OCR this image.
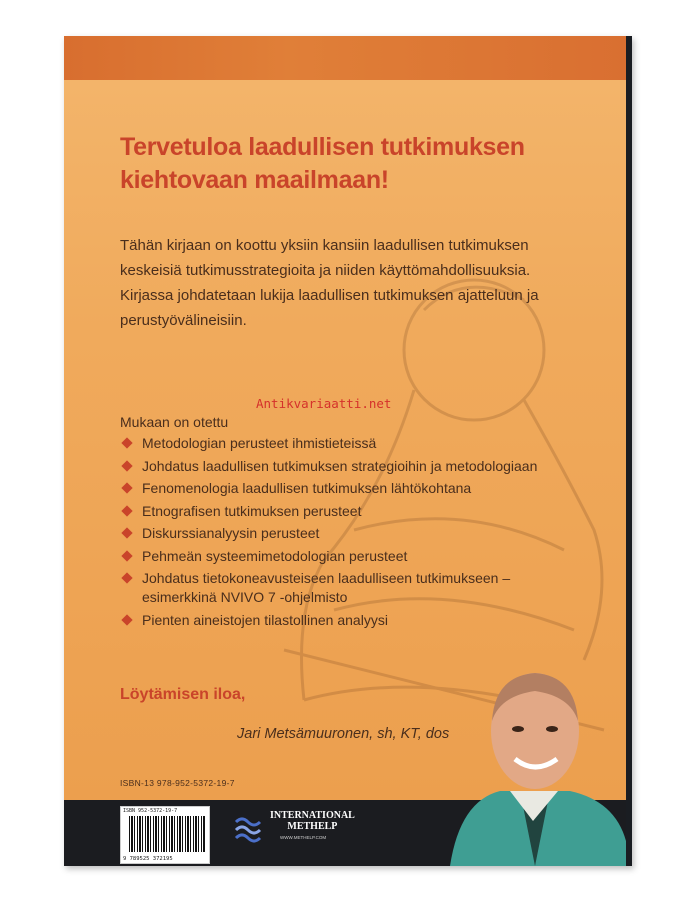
Tervetuloa laadullisen tutkimuksen kiehtovaan maailmaan!
Tähän kirjaan on koottu yksiin kansiin laadullisen tutkimuksen keskeisiä tutkimusstrategioita ja niiden käyttömahdollisuuksia. Kirjassa johdatetaan lukija laadullisen tutkimuksen ajatteluun ja perustyövälineisiin.
Antikvariaatti.net
Mukaan on otettu
Metodologian perusteet ihmistieteissä
Johdatus laadullisen tutkimuksen strategioihin ja metodologiaan
Fenomenologia laadullisen tutkimuksen lähtökohtana
Etnografisen tutkimuksen perusteet
Diskurssianalyysin perusteet
Pehmeän systeemimetodologian perusteet
Johdatus tietokoneavusteiseen laadulliseen tutkimukseen – esimerkkinä NVIVO 7 -ohjelmisto
Pienten aineistojen tilastollinen analyysi
Löytämisen iloa,
Jari Metsämuuronen, sh, KT, dos
ISBN-13 978-952-5372-19-7
ISBN 952-5372-19-7
9 789525 372195
INTERNATIONAL
METHELP
WWW.METHELP.COM
